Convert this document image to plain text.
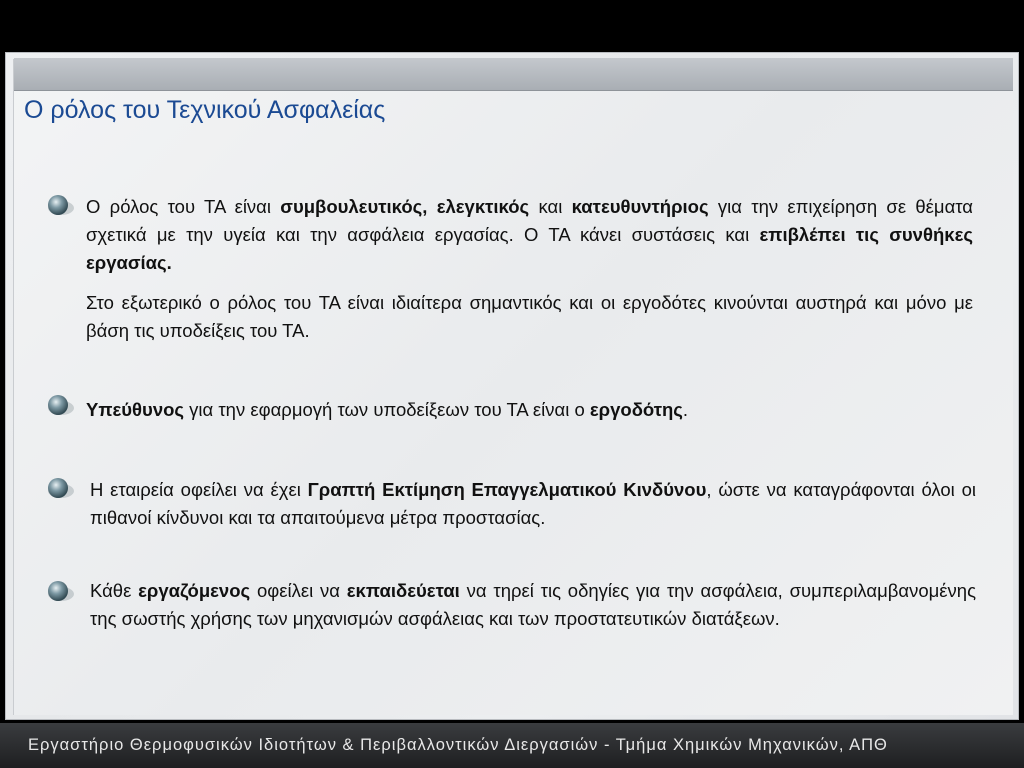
Ο ρόλος του Τεχνικού Ασφαλείας

Ο ρόλος του ΤΑ είναι συμβουλευτικός, ελεγκτικός και κατευθυντήριος για την επιχείρηση σε θέματα σχετικά με την υγεία και την ασφάλεια εργασίας. Ο ΤΑ κάνει συστάσεις και επιβλέπει τις συνθήκες εργασίας.

Στο εξωτερικό ο ρόλος του ΤΑ είναι ιδιαίτερα σημαντικός και οι εργοδότες κινούνται αυστηρά και μόνο με βάση τις υποδείξεις του ΤΑ.

Υπεύθυνος για την εφαρμογή των υποδείξεων του ΤΑ είναι ο εργοδότης.

Η εταιρεία οφείλει να έχει Γραπτή Εκτίμηση Επαγγελματικού Κινδύνου, ώστε να καταγράφονται όλοι οι πιθανοί κίνδυνοι και τα απαιτούμενα μέτρα προστασίας.

Κάθε εργαζόμενος οφείλει να εκπαιδεύεται να τηρεί τις οδηγίες για την ασφάλεια, συμπεριλαμβανομένης της σωστής χρήσης των μηχανισμών ασφάλειας και των προστατευτικών διατάξεων.

Εργαστήριο Θερμοφυσικών Ιδιοτήτων & Περιβαλλοντικών Διεργασιών - Τμήμα Χημικών Μηχανικών, ΑΠΘ
